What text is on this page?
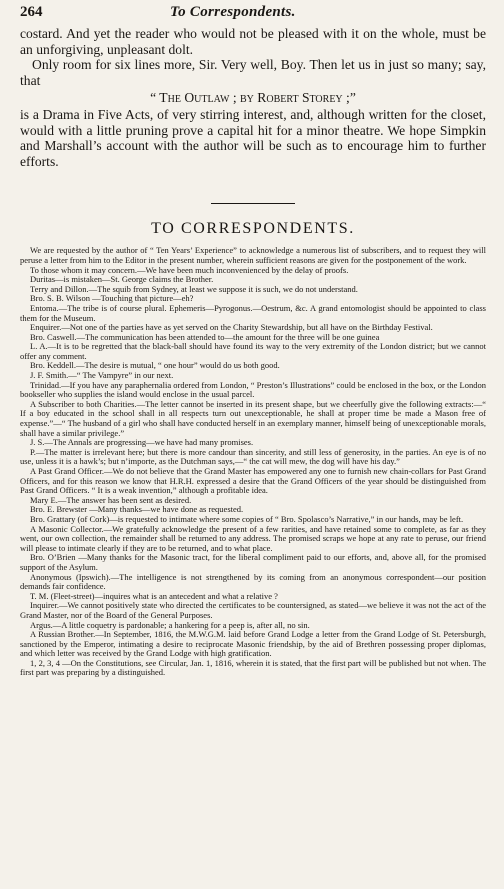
264	To Correspondents.

costard. And yet the reader who would not be pleased with it on the whole, must be an unforgiving, unpleasant dolt.

Only room for six lines more, Sir. Very well, Boy. Then let us in just so many; say, that

“ The Outlaw ; by Robert Storey ;”

is a Drama in Five Acts, of very stirring interest, and, although written for the closet, would with a little pruning prove a capital hit for a minor theatre. We hope Simpkin and Marshall’s account with the author will be such as to encourage him to further efforts.

TO CORRESPONDENTS.

We are requested by the author of “ Ten Years’ Experience” to acknowledge a numerous list of subscribers, and to request they will peruse a letter from him to the Editor in the present number, wherein sufficient reasons are given for the postponement of the work.

To those whom it may concern.—We have been much inconvenienced by the delay of proofs.

Duritas—is mistaken—St. George claims the Brother.

Terry and Dillon.—The squib from Sydney, at least we suppose it is such, we do not understand.

Bro. S. B. Wilson —Touching that picture—eh?

Entoma.—The tribe is of course plural. Ephemeris—Pyrogonus.—Oestrum, &c. A grand entomologist should be appointed to class them for the Museum.

Enquirer.—Not one of the parties have as yet served on the Charity Stewardship, but all have on the Birthday Festival.

Bro. Caswell.—The communication has been attended to—the amount for the three will be one guinea

L. A.—It is to be regretted that the black-ball should have found its way to the very extremity of the London district; but we cannot offer any comment.

Bro. Keddell.—The desire is mutual, “ one hour” would do us both good.

J. F. Smith.—“ The Vampyre” in our next.

Trinidad.—If you have any paraphernalia ordered from London, “ Preston’s Illustrations” could be enclosed in the box, or the London bookseller who supplies the island would enclose in the usual parcel.

A Subscriber to both Charities.—The letter cannot be inserted in its present shape, but we cheerfully give the following extracts:—“ If a boy educated in the school shall in all respects turn out unexceptionable, he shall at proper time be made a Mason free of expense.”—“ The husband of a girl who shall have conducted herself in an exemplary manner, himself being of unexceptionable morals, shall have a similar privilege.”

J. S.—The Annals are progressing—we have had many promises.

P.—The matter is irrelevant here; but there is more candour than sincerity, and still less of generosity, in the parties. An eye is of no use, unless it is a hawk’s; but n’importe, as the Dutchman says,—“ the cat will mew, the dog will have his day.”

A Past Grand Officer.—We do not believe that the Grand Master has empowered any one to furnish new chain-collars for Past Grand Officers, and for this reason we know that H.R.H. expressed a desire that the Grand Officers of the year should be distinguished from Past Grand Officers. “ It is a weak invention,” although a profitable idea.

Mary E.—The answer has been sent as desired.

Bro. E. Brewster —Many thanks—we have done as requested.

Bro. Grattary (of Cork)—is requested to intimate where some copies of “ Bro. Spolasco’s Narrative,” in our hands, may be left.

A Masonic Collector.—We gratefully acknowledge the present of a few rarities, and have retained some to complete, as far as they went, our own collection, the remainder shall be returned to any address. The promised scraps we hope at any rate to peruse, our friend will please to intimate clearly if they are to be returned, and to what place.

Bro. O’Brien —Many thanks for the Masonic tract, for the liberal compliment paid to our efforts, and, above all, for the promised support of the Asylum.

Anonymous (Ipswich).—The intelligence is not strengthened by its coming from an anonymous correspondent—our position demands fair confidence.

T. M. (Fleet-street)—inquires what is an antecedent and what a relative ?

Inquirer.—We cannot positively state who directed the certificates to be countersigned, as stated—we believe it was not the act of the Grand Master, nor of the Board of the General Purposes.

Argus.—A little coquetry is pardonable; a hankering for a peep is, after all, no sin.

A Russian Brother.—In September, 1816, the M.W.G.M. laid before Grand Lodge a letter from the Grand Lodge of St. Petersburgh, sanctioned by the Emperor, intimating a desire to reciprocate Masonic friendship, by the aid of Brethren possessing proper diplomas, and which letter was received by the Grand Lodge with high gratification.

1, 2, 3, 4 —On the Constitutions, see Circular, Jan. 1, 1816, wherein it is stated, that the first part will be published but not when. The first part was preparing by a distinguished.
